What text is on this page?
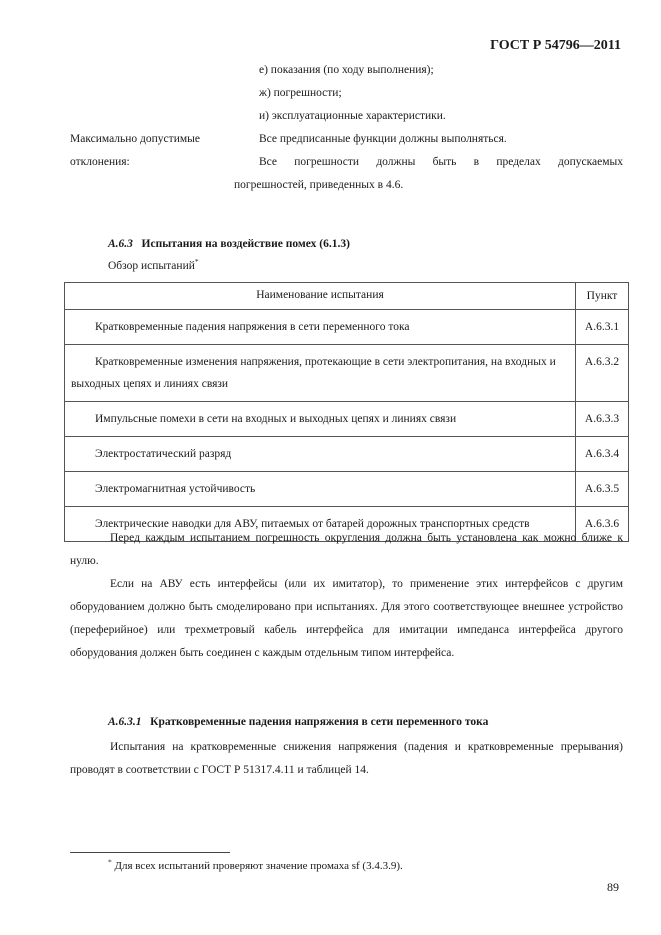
ГОСТ Р 54796—2011
е) показания (по ходу выполнения);
ж) погрешности;
и) эксплуатационные характеристики.
Максимально допустимые
отклонения:
Все предписанные функции должны выполняться.
Все погрешности должны быть в пределах допускаемых
погрешностей, приведенных в 4.6.
А.6.3 Испытания на воздействие помех (6.1.3)
Обзор испытаний*
Наименование испытания	Пункт

Кратковременные падения напряжения в сети переменного тока	А.6.3.1

Кратковременные изменения напряжения, протекающие в сети электропитания, на входных и выходных цепях и линиях связи	А.6.3.2

Импульсные помехи в сети на входных и выходных цепях и линиях связи	А.6.3.3

Электростатический разряд	А.6.3.4

Электромагнитная устойчивость	А.6.3.5

Электрические наводки для АВУ, питаемых от батарей дорожных транспортных средств	А.6.3.6
Перед каждым испытанием погрешность округления должна быть установлена как можно ближе к нулю.
Если на АВУ есть интерфейсы (или их имитатор), то применение этих интерфейсов с другим оборудованием должно быть смоделировано при испытаниях. Для этого соответствующее внешнее устройство (переферийное) или трехметровый кабель интерфейса для имитации импеданса интерфейса другого оборудования должен быть соединен с каждым отдельным типом интерфейса.
А.6.3.1 Кратковременные падения напряжения в сети переменного тока
Испытания на кратковременные снижения напряжения (падения и кратковременные прерывания) проводят в соответствии с ГОСТ Р 51317.4.11 и таблицей 14.
* Для всех испытаний проверяют значение промаха sf (3.4.3.9).
89
